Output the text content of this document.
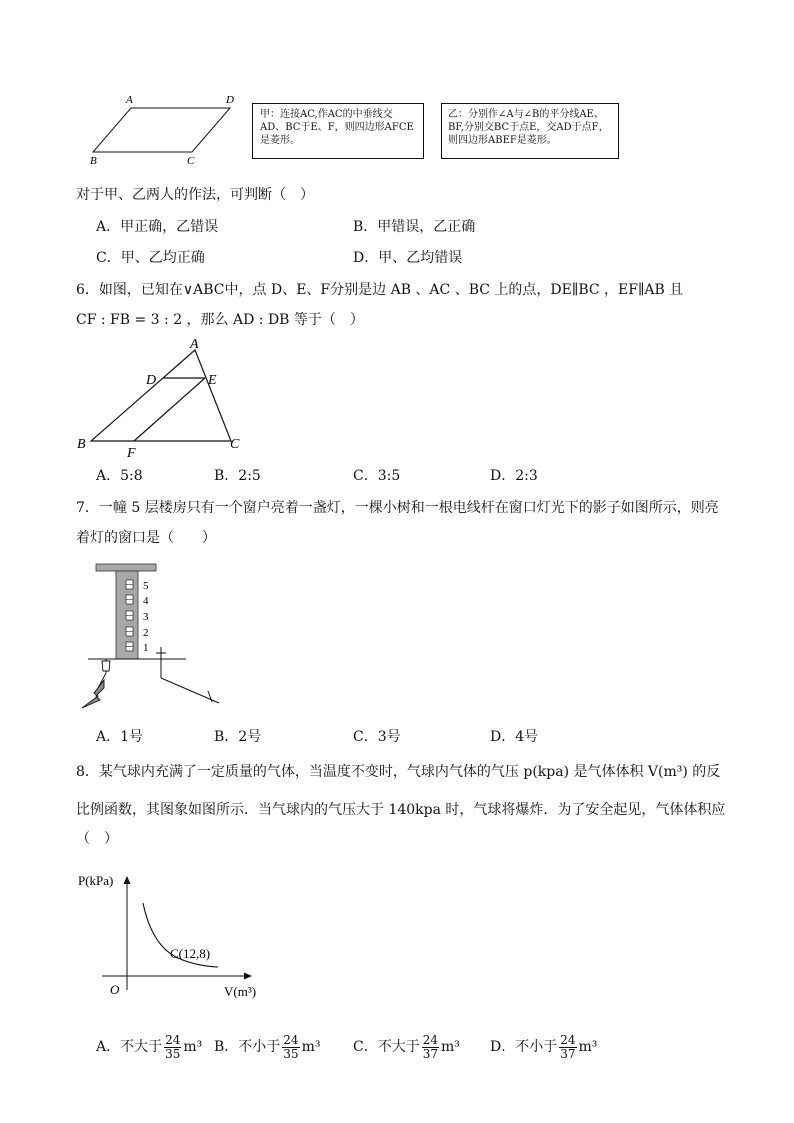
A	D
B	C
甲：连接AC,作AC的中垂线交
AD、BC于E、F，则四边形AFCE
是菱形。
乙：分别作∠A与∠B的平分线AE、
BF,分别交BC于点E，交AD于点F，
则四边形ABEF是菱形。
对于甲、乙两人的作法，可判断（　）
A．甲正确，乙错误	B．甲错误，乙正确
C．甲、乙均正确	D．甲、乙均错误
6．如图，已知在∨ABC中，点 D、E、F分别是边 AB 、AC 、BC 上的点，DE∥BC ，EF∥AB 且
CF : FB = 3 : 2 ，那么 AD : DB 等于（　）
A
D	E
B	C
F
A．5:8	B．2:5	C．3:5	D．2:3
7．一幢 5 层楼房只有一个窗户亮着一盏灯，一棵小树和一根电线杆在窗口灯光下的影子如图所示，则亮
着灯的窗口是（　　）
5
4
3
2
1
A．1号	B．2号	C．3号	D．4号
8．某气球内充满了一定质量的气体，当温度不变时，气球内气体的气压 p(kpa) 是气体体积 V(m³) 的反
比例函数，其图象如图所示．当气球内的气压大于 140kpa 时，气球将爆炸．为了安全起见，气体体积应
（　）
P(kPa)
O	V(m³)
C(12,8)
A．不大于 $\frac{24}{35} m^3$ B．不小于 $\frac{24}{35} m^3$ C．不大于 $\frac{24}{37} m^3$ D．不小于 $\frac{24}{37} m^3$
